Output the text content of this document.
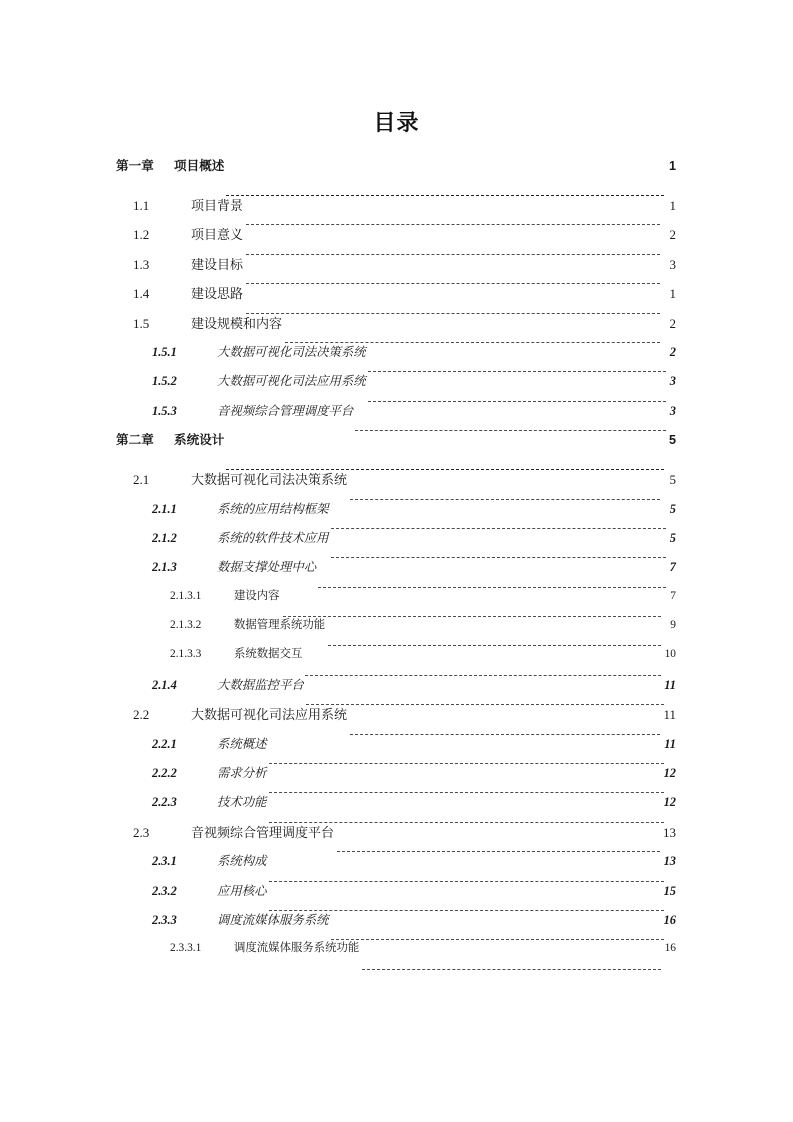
目录
第一章	项目概述	1
1.1	项目背景	1
1.2	项目意义	2
1.3	建设目标	3
1.4	建设思路	1
1.5	建设规模和内容	2
1.5.1	大数据可视化司法决策系统	2
1.5.2	大数据可视化司法应用系统	3
1.5.3	音视频综合管理调度平台	3
第二章	系统设计	5
2.1	大数据可视化司法决策系统	5
2.1.1	系统的应用结构框架	5
2.1.2	系统的软件技术应用	5
2.1.3	数据支撑处理中心	7
2.1.3.1	建设内容	7
2.1.3.2	数据管理系统功能	9
2.1.3.3	系统数据交互	10
2.1.4	大数据监控平台	11
2.2	大数据可视化司法应用系统	11
2.2.1	系统概述	11
2.2.2	需求分析	12
2.2.3	技术功能	12
2.3	音视频综合管理调度平台	13
2.3.1	系统构成	13
2.3.2	应用核心	15
2.3.3	调度流媒体服务系统	16
2.3.3.1	调度流媒体服务系统功能	16
